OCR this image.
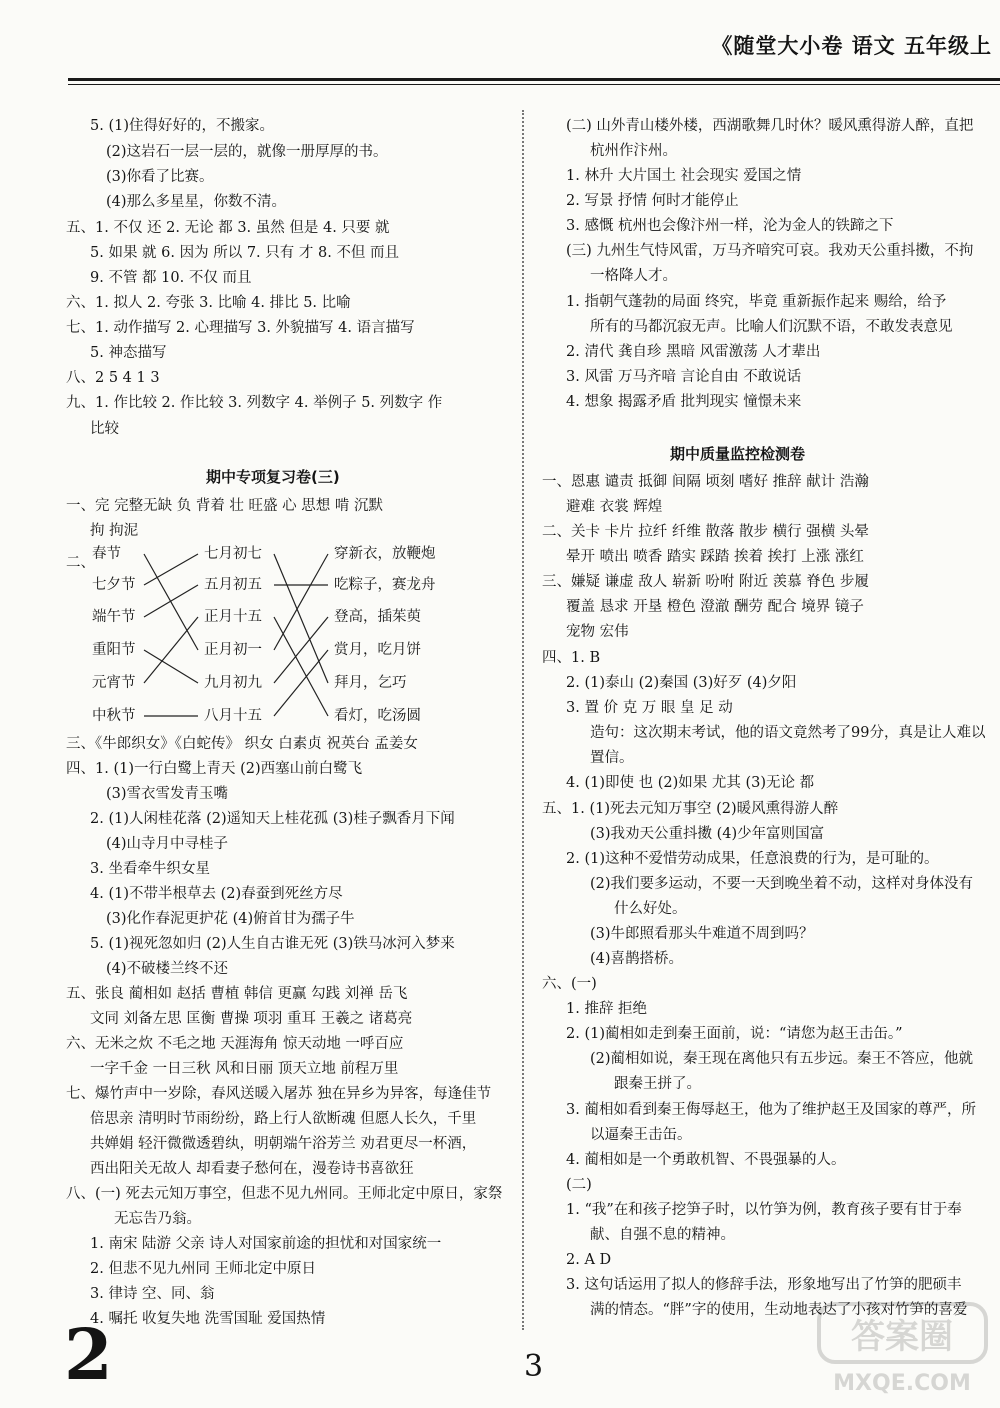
《随堂大小卷 语文 五年级上
期中专项复习卷(三)
二、
春节
七夕节
端午节
重阳节
元宵节
中秋节
七月初七
五月初五
正月十五
正月初一
九月初九
八月十五
穿新衣，放鞭炮
吃粽子，赛龙舟
登高，插茱萸
赏月，吃月饼
拜月，乞巧
看灯，吃汤圆
5. (1)住得好好的，不搬家。
(2)这岩石一层一层的，就像一册厚厚的书。
(3)你看了比赛。
(4)那么多星星，你数不清。
五、1. 不仅 还 2. 无论 都 3. 虽然 但是 4. 只要 就
5. 如果 就 6. 因为 所以 7. 只有 才 8. 不但 而且
9. 不管 都 10. 不仅 而且
六、1. 拟人 2. 夸张 3. 比喻 4. 排比 5. 比喻
七、1. 动作描写 2. 心理描写 3. 外貌描写 4. 语言描写
5. 神态描写
八、2 5 4 1 3
九、1. 作比较 2. 作比较 3. 列数字 4. 举例子 5. 列数字 作
比较
一、完 完整无缺 负 背着 壮 旺盛 心 思想 啃 沉默
拘 拘泥
三、《牛郎织女》《白蛇传》 织女 白素贞 祝英台 孟姜女
四、1. (1)一行白鹭上青天 (2)西塞山前白鹭飞
(3)雪衣雪发青玉嘴
2. (1)人闲桂花落 (2)遥知天上桂花孤 (3)桂子飘香月下闻
(4)山寺月中寻桂子
3. 坐看牵牛织女星
4. (1)不带半根草去 (2)春蚕到死丝方尽
(3)化作春泥更护花 (4)俯首甘为孺子牛
5. (1)视死忽如归 (2)人生自古谁无死 (3)铁马冰河入梦来
(4)不破楼兰终不还
五、张良 蔺相如 赵括 曹植 韩信 更赢 勾践 刘禅 岳飞
文同 刘备左思 匡衡 曹操 项羽 重耳 王羲之 诸葛亮
六、无米之炊 不毛之地 天涯海角 惊天动地 一呼百应
一字千金 一日三秋 风和日丽 顶天立地 前程万里
七、爆竹声中一岁除，春风送暖入屠苏 独在异乡为异客，每逢佳节
倍思亲 清明时节雨纷纷，路上行人欲断魂 但愿人长久，千里
共婵娟 轻汗微微透碧纨，明朝端午浴芳兰 劝君更尽一杯酒，
西出阳关无故人 却看妻子愁何在，漫卷诗书喜欲狂
八、(一) 死去元知万事空，但悲不见九州同。王师北定中原日，家祭
无忘告乃翁。
1. 南宋 陆游 父亲 诗人对国家前途的担忧和对国家统一
2. 但悲不见九州同 王师北定中原日
3. 律诗 空、同、翁
4. 嘱托 收复失地 洗雪国耻 爱国热情
期中质量监控检测卷
(二) 山外青山楼外楼，西湖歌舞几时休？暖风熏得游人醉，直把
杭州作汴州。
1. 林升 大片国土 社会现实 爱国之情
2. 写景 抒情 何时才能停止
3. 感慨 杭州也会像汴州一样，沦为金人的铁蹄之下
(三) 九州生气恃风雷，万马齐喑究可哀。我劝天公重抖擞，不拘
一格降人才。
1. 指朝气蓬勃的局面 终究，毕竟 重新振作起来 赐给，给予
所有的马都沉寂无声。比喻人们沉默不语，不敢发表意见
2. 清代 龚自珍 黑暗 风雷激荡 人才辈出
3. 风雷 万马齐喑 言论自由 不敢说话
4. 想象 揭露矛盾 批判现实 憧憬未来
一、恩惠 谴责 抵御 间隔 顷刻 嗜好 推辞 献计 浩瀚
避难 衣裳 辉煌
二、关卡 卡片 拉纤 纤维 散落 散步 横行 强横 头晕
晕开 喷出 喷香 踏实 踩踏 挨着 挨打 上涨 涨红
三、嫌疑 谦虚 敌人 崭新 吩咐 附近 羡慕 脊色 步履
覆盖 恳求 开垦 橙色 澄澈 酬劳 配合 境界 镜子
宠物 宏伟
四、1. B
2. (1)泰山 (2)秦国 (3)好歹 (4)夕阳
3. 置 价 克 万 眼 皇 足 动
造句：这次期末考试，他的语文竟然考了99分，真是让人难以
置信。
4. (1)即使 也 (2)如果 尤其 (3)无论 都
五、1. (1)死去元知万事空 (2)暖风熏得游人醉
(3)我劝天公重抖擞 (4)少年富则国富
2. (1)这种不爱惜劳动成果，任意浪费的行为，是可耻的。
(2)我们要多运动，不要一天到晚坐着不动，这样对身体没有
什么好处。
(3)牛郎照看那头牛难道不周到吗？
(4)喜鹊搭桥。
六、(一)
1. 推辞 拒绝
2. (1)蔺相如走到秦王面前，说：“请您为赵王击缶。”
(2)蔺相如说，秦王现在离他只有五步远。秦王不答应，他就
跟秦王拼了。
3. 蔺相如看到秦王侮辱赵王，他为了维护赵王及国家的尊严，所
以逼秦王击缶。
4. 蔺相如是一个勇敢机智、不畏强暴的人。
(二)
1. “我”在和孩子挖笋子时，以竹笋为例，教育孩子要有甘于奉
献、自强不息的精神。
2. A D
3. 这句话运用了拟人的修辞手法，形象地写出了竹笋的肥硕丰
满的情态。“胖”字的使用，生动地表达了小孩对竹笋的喜爱
2	3
答案圈
MXQE.COM
